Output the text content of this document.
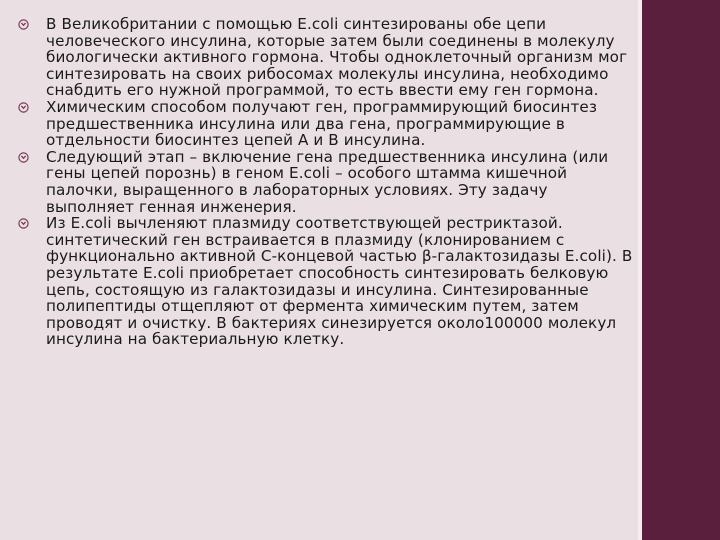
В Великобритании с помощью E.coli синтезированы обе цепи человеческого инсулина, которые затем были соединены в молекулу биологически активного гормона. Чтобы одноклеточный организм мог синтезировать на своих рибосомах молекулы инсулина, необходимо снабдить его нужной программой, то есть ввести ему ген гормона.
Химическим способом получают ген, программирующий биосинтез предшественника инсулина или два гена, программирующие в отдельности биосинтез цепей А и В инсулина.
Следующий этап – включение гена предшественника инсулина (или гены цепей порознь) в геном E.coli – особого штамма кишечной палочки, выращенного в лабораторных условиях. Эту задачу выполняет генная инженерия.
Из E.coli вычленяют плазмиду соответствующей рестриктазой. синтетический ген встраивается в плазмиду (клонированием с функционально активной С-концевой частью β-галактозидазы E.coli). В результате E.coli приобретает способность синтезировать белковую цепь, состоящую из галактозидазы и инсулина. Синтезированные полипептиды отщепляют от фермента химическим путем, затем проводят и очистку. В бактериях синезируется около100000 молекул инсулина на бактериальную клетку.
